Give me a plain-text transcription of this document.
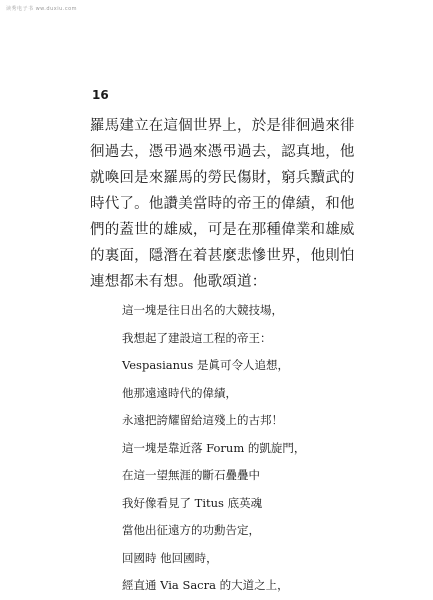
读秀电子书 ww.duxiu.com
16
羅馬建立在這個世界上，於是徘徊過來徘
徊過去，憑弔過來憑弔過去，認真地，他
就喚回是來羅馬的勞民傷財，窮兵黷武的
時代了。他讚美當時的帝王的偉績，和他
們的蓋世的雄威，可是在那種偉業和雄威
的裏面，隱潛在着甚麼悲慘世界，他則怕
連想都未有想。他歌頌道：
這一塊是往日出名的大競技場，
我想起了建設這工程的帝王：
Vespasianus 是眞可令人追想，
他那遠遠時代的偉績，
永遠把誇耀留給這殘上的古邦！
這一塊是靠近落 Forum 的凱旋門，
在這一望無涯的斷石疊疊中
我好像看見了 Titus 底英魂
當他出征遠方的功勳告定，
回國時 他回國時，
經直通 Via Sacra 的大道之上，
